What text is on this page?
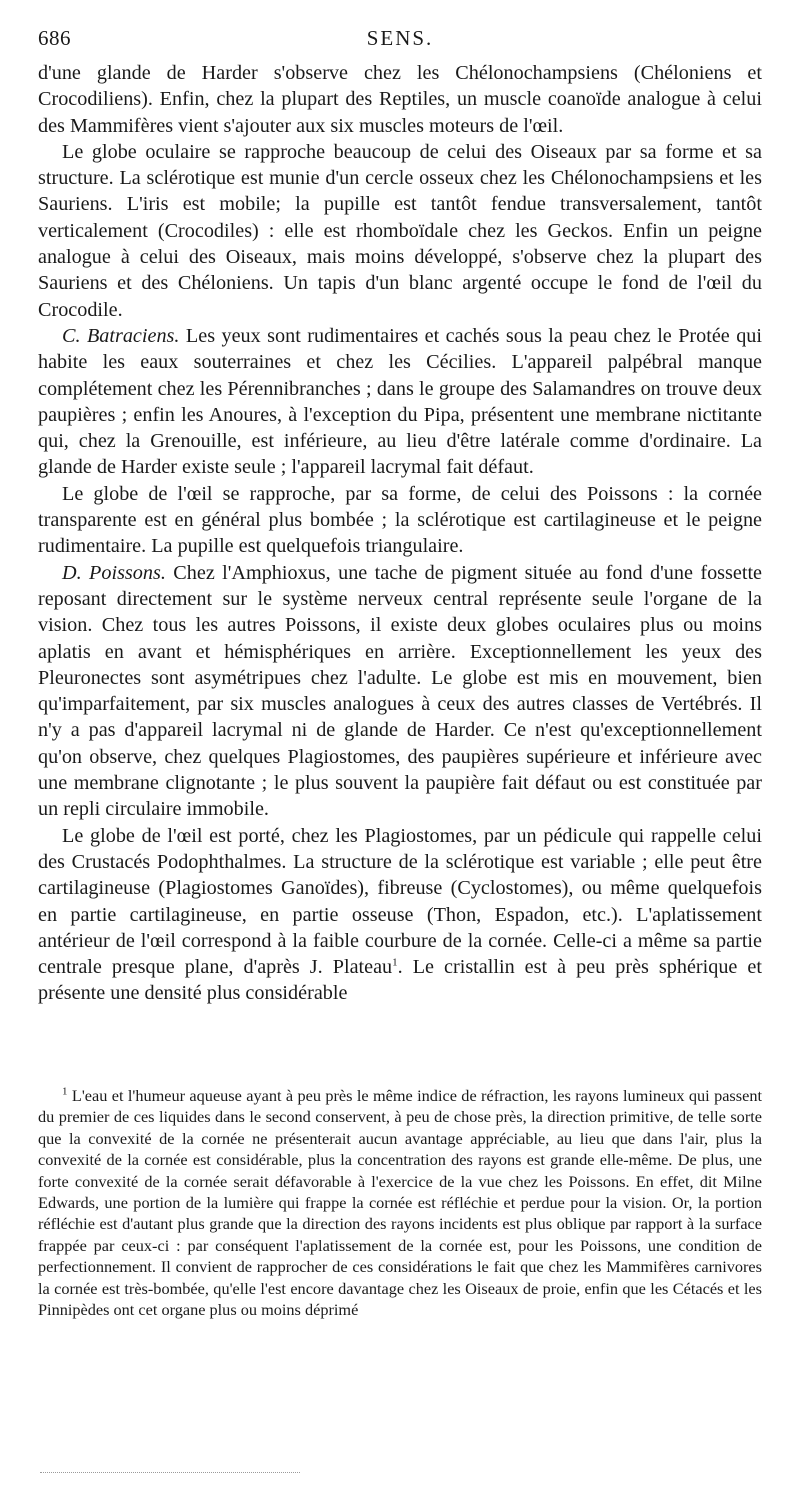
686	SENS.

d'une glande de Harder s'observe chez les Chélonochampsiens (Chéloniens et Crocodiliens). Enfin, chez la plupart des Reptiles, un muscle coanoïde analogue à celui des Mammifères vient s'ajouter aux six muscles moteurs de l'œil.

Le globe oculaire se rapproche beaucoup de celui des Oiseaux par sa forme et sa structure. La sclérotique est munie d'un cercle osseux chez les Chélonochampsiens et les Sauriens. L'iris est mobile; la pupille est tantôt fendue transversalement, tantôt verticalement (Crocodiles) : elle est rhomboïdale chez les Geckos. Enfin un peigne analogue à celui des Oiseaux, mais moins développé, s'observe chez la plupart des Sauriens et des Chéloniens. Un tapis d'un blanc argenté occupe le fond de l'œil du Crocodile.

C. Batraciens. Les yeux sont rudimentaires et cachés sous la peau chez le Protée qui habite les eaux souterraines et chez les Cécilies. L'appareil palpébral manque complétement chez les Pérennibranches ; dans le groupe des Salamandres on trouve deux paupières ; enfin les Anoures, à l'exception du Pipa, présentent une membrane nictitante qui, chez la Grenouille, est inférieure, au lieu d'être latérale comme d'ordinaire. La glande de Harder existe seule ; l'appareil lacrymal fait défaut.

Le globe de l'œil se rapproche, par sa forme, de celui des Poissons : la cornée transparente est en général plus bombée ; la sclérotique est cartilagineuse et le peigne rudimentaire. La pupille est quelquefois triangulaire.

D. Poissons. Chez l'Amphioxus, une tache de pigment située au fond d'une fossette reposant directement sur le système nerveux central représente seule l'organe de la vision. Chez tous les autres Poissons, il existe deux globes oculaires plus ou moins aplatis en avant et hémisphériques en arrière. Exceptionnellement les yeux des Pleuronectes sont asymétripues chez l'adulte. Le globe est mis en mouvement, bien qu'imparfaitement, par six muscles analogues à ceux des autres classes de Vertébrés. Il n'y a pas d'appareil lacrymal ni de glande de Harder. Ce n'est qu'exceptionnellement qu'on observe, chez quelques Plagiostomes, des paupières supérieure et inférieure avec une membrane clignotante ; le plus souvent la paupière fait défaut ou est constituée par un repli circulaire immobile.

Le globe de l'œil est porté, chez les Plagiostomes, par un pédicule qui rappelle celui des Crustacés Podophthalmes. La structure de la sclérotique est variable ; elle peut être cartilagineuse (Plagiostomes Ganoïdes), fibreuse (Cyclostomes), ou même quelquefois en partie cartilagineuse, en partie osseuse (Thon, Espadon, etc.). L'aplatissement antérieur de l'œil correspond à la faible courbure de la cornée. Celle-ci a même sa partie centrale presque plane, d'après J. Plateau$^1$. Le cristallin est à peu près sphérique et présente une densité plus considérable

$^1$ L'eau et l'humeur aqueuse ayant à peu près le même indice de réfraction, les rayons lumineux qui passent du premier de ces liquides dans le second conservent, à peu de chose près, la direction primitive, de telle sorte que la convexité de la cornée ne présenterait aucun avantage appréciable, au lieu que dans l'air, plus la convexité de la cornée est considérable, plus la concentration des rayons est grande elle-même. De plus, une forte convexité de la cornée serait défavorable à l'exercice de la vue chez les Poissons. En effet, dit Milne Edwards, une portion de la lumière qui frappe la cornée est réfléchie et perdue pour la vision. Or, la portion réfléchie est d'autant plus grande que la direction des rayons incidents est plus oblique par rapport à la surface frappée par ceux-ci : par conséquent l'aplatissement de la cornée est, pour les Poissons, une condition de perfectionnement. Il convient de rapprocher de ces considérations le fait que chez les Mammifères carnivores la cornée est très-bombée, qu'elle l'est encore davantage chez les Oiseaux de proie, enfin que les Cétacés et les Pinnipèdes ont cet organe plus ou moins déprimé
